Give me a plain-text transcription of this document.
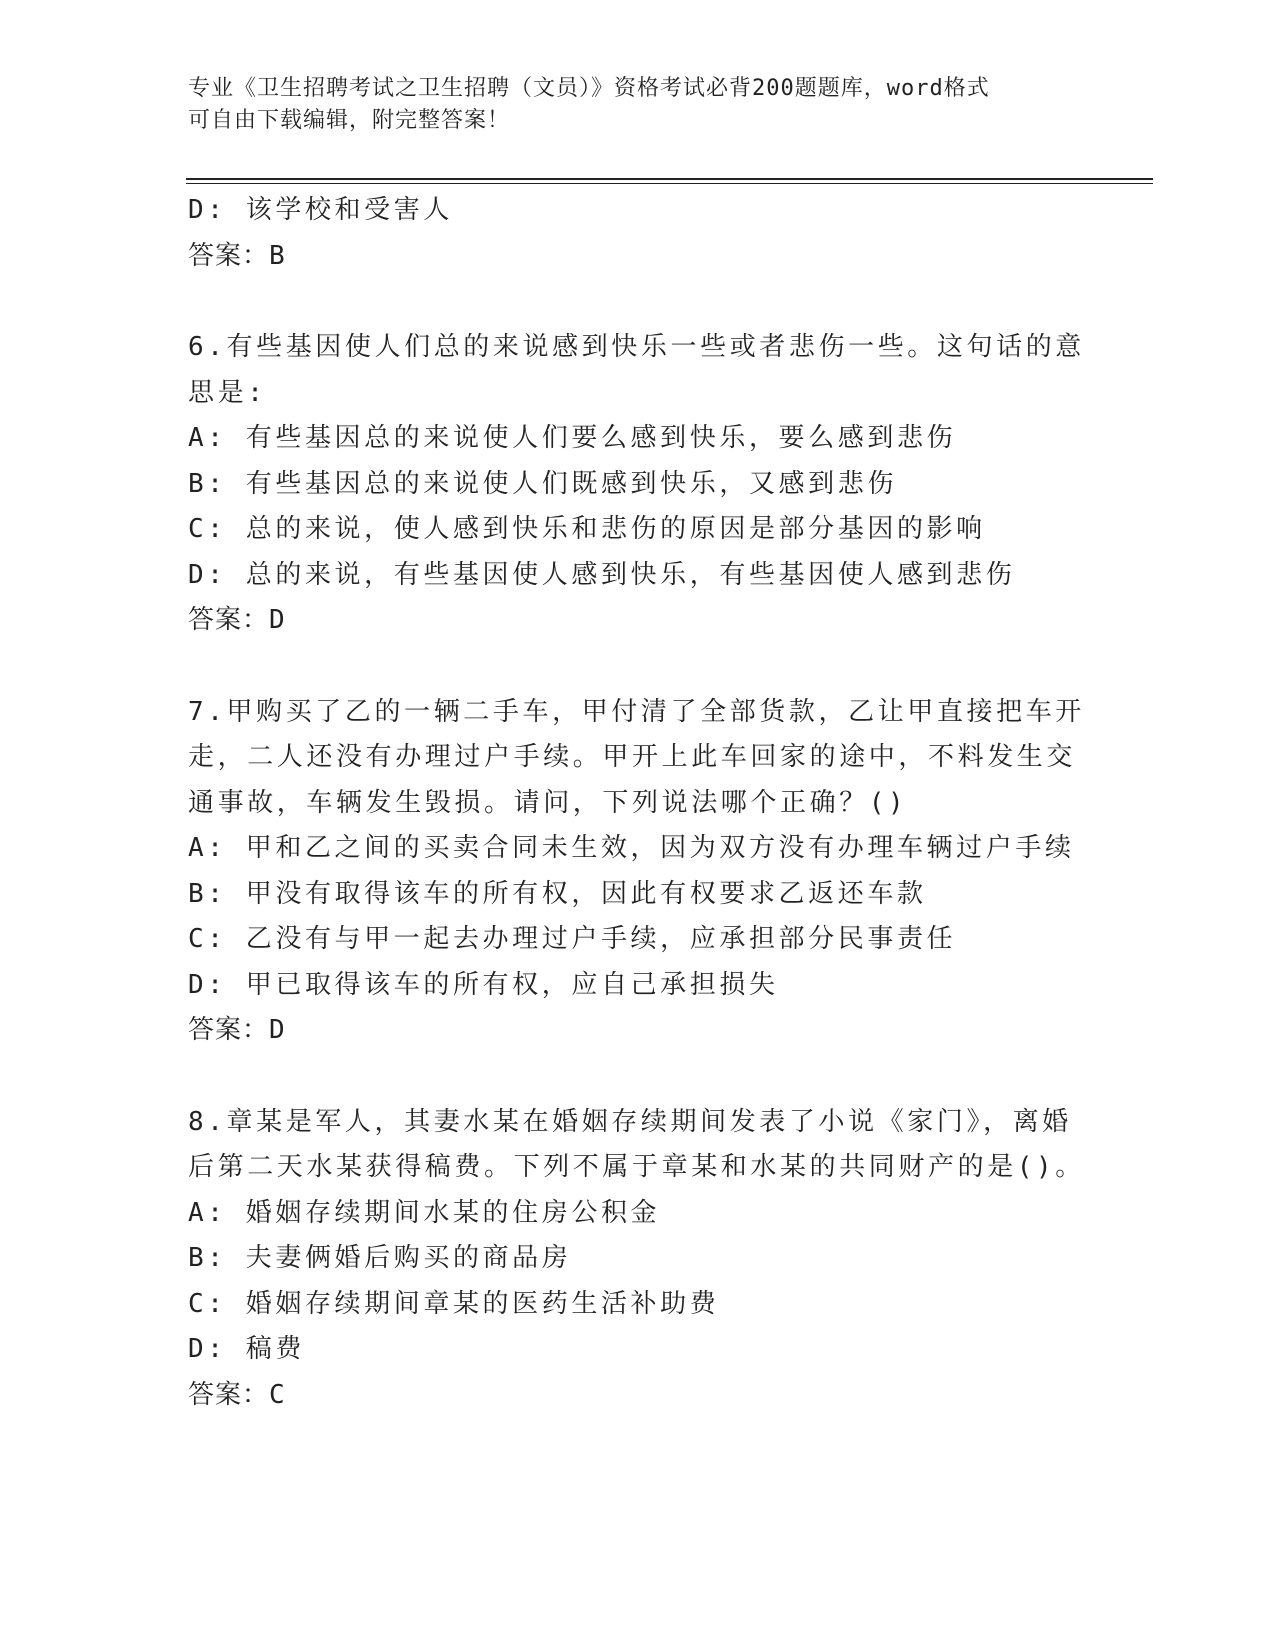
专业《卫生招聘考试之卫生招聘（文员）》资格考试必背200题题库，word格式
可自由下载编辑，附完整答案！
D: 该学校和受害人
答案：B
6.有些基因使人们总的来说感到快乐一些或者悲伤一些。这句话的意
思是:
A: 有些基因总的来说使人们要么感到快乐，要么感到悲伤
B: 有些基因总的来说使人们既感到快乐，又感到悲伤
C: 总的来说，使人感到快乐和悲伤的原因是部分基因的影响
D: 总的来说，有些基因使人感到快乐，有些基因使人感到悲伤
答案：D
7.甲购买了乙的一辆二手车，甲付清了全部货款，乙让甲直接把车开
走，二人还没有办理过户手续。甲开上此车回家的途中，不料发生交
通事故，车辆发生毁损。请问，下列说法哪个正确？()
A: 甲和乙之间的买卖合同未生效，因为双方没有办理车辆过户手续
B: 甲没有取得该车的所有权，因此有权要求乙返还车款
C: 乙没有与甲一起去办理过户手续，应承担部分民事责任
D: 甲已取得该车的所有权，应自己承担损失
答案：D
8.章某是军人，其妻水某在婚姻存续期间发表了小说《家门》，离婚
后第二天水某获得稿费。下列不属于章某和水某的共同财产的是()。
A: 婚姻存续期间水某的住房公积金
B: 夫妻俩婚后购买的商品房
C: 婚姻存续期间章某的医药生活补助费
D: 稿费
答案：C
